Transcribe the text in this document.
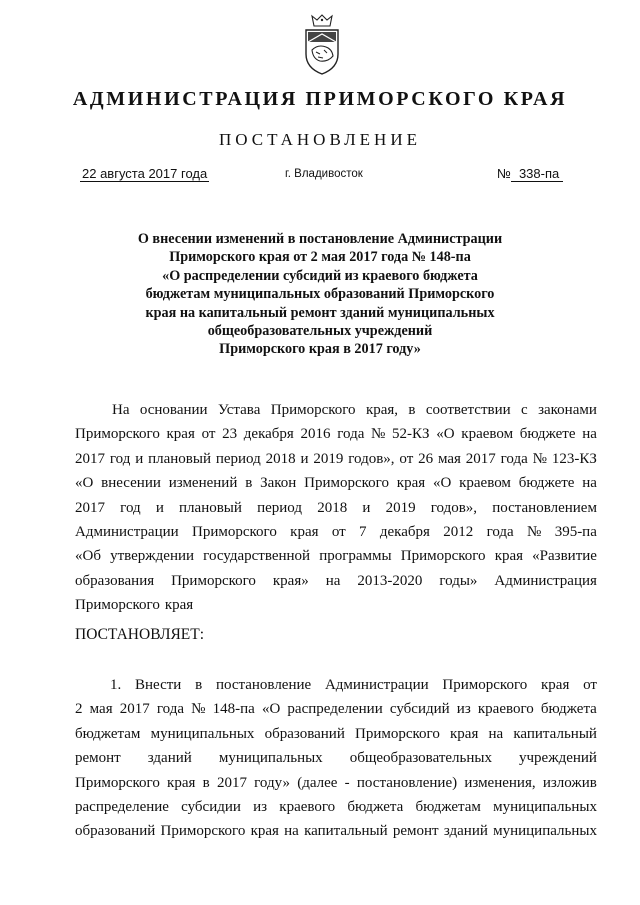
АДМИНИСТРАЦИЯ ПРИМОРСКОГО КРАЯ
ПОСТАНОВЛЕНИЕ
22 августа 2017 года	г. Владивосток	№ 338-па
О внесении изменений в постановление Администрации
Приморского края от 2 мая 2017 года № 148-па
«О распределении субсидий из краевого бюджета
бюджетам муниципальных образований Приморского
края на капитальный ремонт зданий муниципальных
общеобразовательных учреждений
Приморского края в 2017 году»
На основании Устава Приморского края, в соответствии с законами
Приморского края от 23 декабря 2016 года № 52-КЗ «О краевом бюджете на
2017 год и плановый период 2018 и 2019 годов», от 26 мая 2017 года № 123-КЗ
«О внесении изменений в Закон Приморского края «О краевом бюджете на
2017 год и плановый период 2018 и 2019 годов», постановлением
Администрации Приморского края от 7 декабря 2012 года № 395-па
«Об утверждении государственной программы Приморского края «Развитие
образования Приморского края» на 2013-2020 годы» Администрация
Приморского края
ПОСТАНОВЛЯЕТ:
1. Внести в постановление Администрации Приморского края от
2 мая 2017 года № 148-па «О распределении субсидий из краевого бюджета
бюджетам муниципальных образований Приморского края на капитальный
ремонт зданий муниципальных общеобразовательных учреждений
Приморского края в 2017 году» (далее - постановление) изменения, изложив
распределение субсидии из краевого бюджета бюджетам муниципальных
образований Приморского края на капитальный ремонт зданий муниципальных
